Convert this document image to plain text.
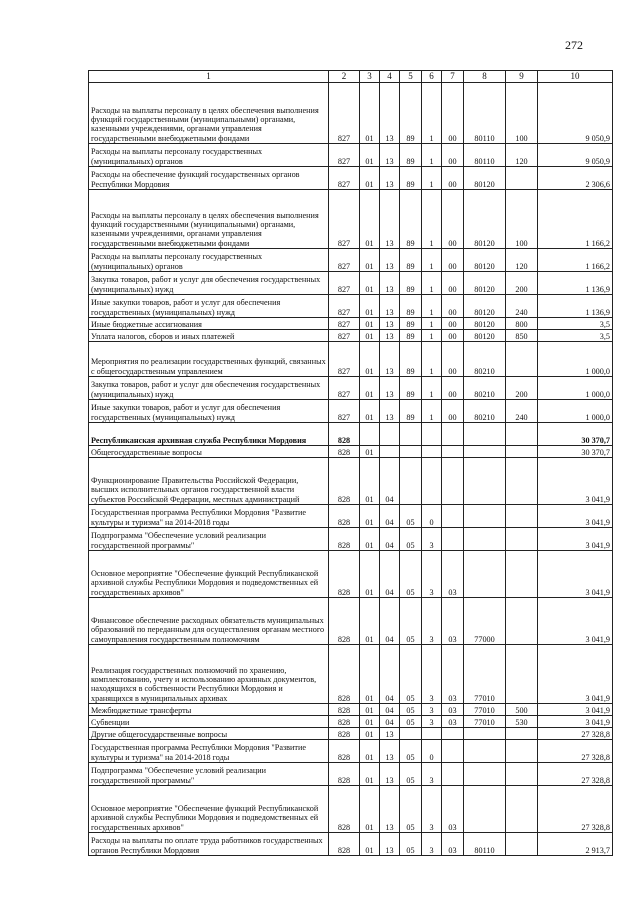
272
1	2	3	4	5	6	7	8	9	10
Расходы на выплаты персоналу в целях обеспечения выполнения функций государственными (муниципальными) органами, казенными учреждениями, органами управления государственными внебюджетными фондами	827	01	13	89	1	00	80110	100	9 050,9
Расходы на выплаты персоналу государственных (муниципальных) органов	827	01	13	89	1	00	80110	120	9 050,9
Расходы на обеспечение функций государственных органов Республики Мордовия	827	01	13	89	1	00	80120		2 306,6
Расходы на выплаты персоналу в целях обеспечения выполнения функций государственными (муниципальными) органами, казенными учреждениями, органами управления государственными внебюджетными фондами	827	01	13	89	1	00	80120	100	1 166,2
Расходы на выплаты персоналу государственных (муниципальных) органов	827	01	13	89	1	00	80120	120	1 166,2
Закупка товаров, работ и услуг для обеспечения государственных (муниципальных) нужд	827	01	13	89	1	00	80120	200	1 136,9
Иные закупки товаров, работ и услуг для обеспечения государственных (муниципальных) нужд	827	01	13	89	1	00	80120	240	1 136,9
Иные бюджетные ассигнования	827	01	13	89	1	00	80120	800	3,5
Уплата налогов, сборов и иных платежей	827	01	13	89	1	00	80120	850	3,5
Мероприятия по реализации государственных функций, связанных с общегосударственным управлением	827	01	13	89	1	00	80210		1 000,0
Закупка товаров, работ и услуг для обеспечения государственных (муниципальных) нужд	827	01	13	89	1	00	80210	200	1 000,0
Иные закупки товаров, работ и услуг для обеспечения государственных (муниципальных) нужд	827	01	13	89	1	00	80210	240	1 000,0
Республиканская архивная служба Республики Мордовия	828								30 370,7
Общегосударственные вопросы	828	01							30 370,7
Функционирование Правительства Российской Федерации, высших исполнительных органов государственной власти субъектов Российской Федерации, местных администраций	828	01	04						3 041,9
Государственная программа Республики Мордовия "Развитие культуры и туризма" на 2014-2018 годы	828	01	04	05	0				3 041,9
Подпрограмма "Обеспечение условий реализации государственной программы"	828	01	04	05	3				3 041,9
Основное мероприятие "Обеспечение функций Республиканской архивной службы Республики Мордовия и подведомственных ей государственных архивов"	828	01	04	05	3	03			3 041,9
Финансовое обеспечение расходных обязательств муниципальных образований по переданным для осуществления органам местного самоуправления государственным полномочиям	828	01	04	05	3	03	77000		3 041,9
Реализация государственных полномочий по хранению, комплектованию, учету и использованию архивных документов, находящихся в собственности Республики Мордовия и хранящихся в муниципальных архивах	828	01	04	05	3	03	77010		3 041,9
Межбюджетные трансферты	828	01	04	05	3	03	77010	500	3 041,9
Субвенции	828	01	04	05	3	03	77010	530	3 041,9
Другие общегосударственные вопросы	828	01	13						27 328,8
Государственная программа Республики Мордовия "Развитие культуры и туризма" на 2014-2018 годы	828	01	13	05	0				27 328,8
Подпрограмма "Обеспечение условий реализации государственной программы"	828	01	13	05	3				27 328,8
Основное мероприятие "Обеспечение функций Республиканской архивной службы Республики Мордовия и подведомственных ей государственных архивов"	828	01	13	05	3	03			27 328,8
Расходы на выплаты по оплате труда работников государственных органов Республики Мордовия	828	01	13	05	3	03	80110		2 913,7
